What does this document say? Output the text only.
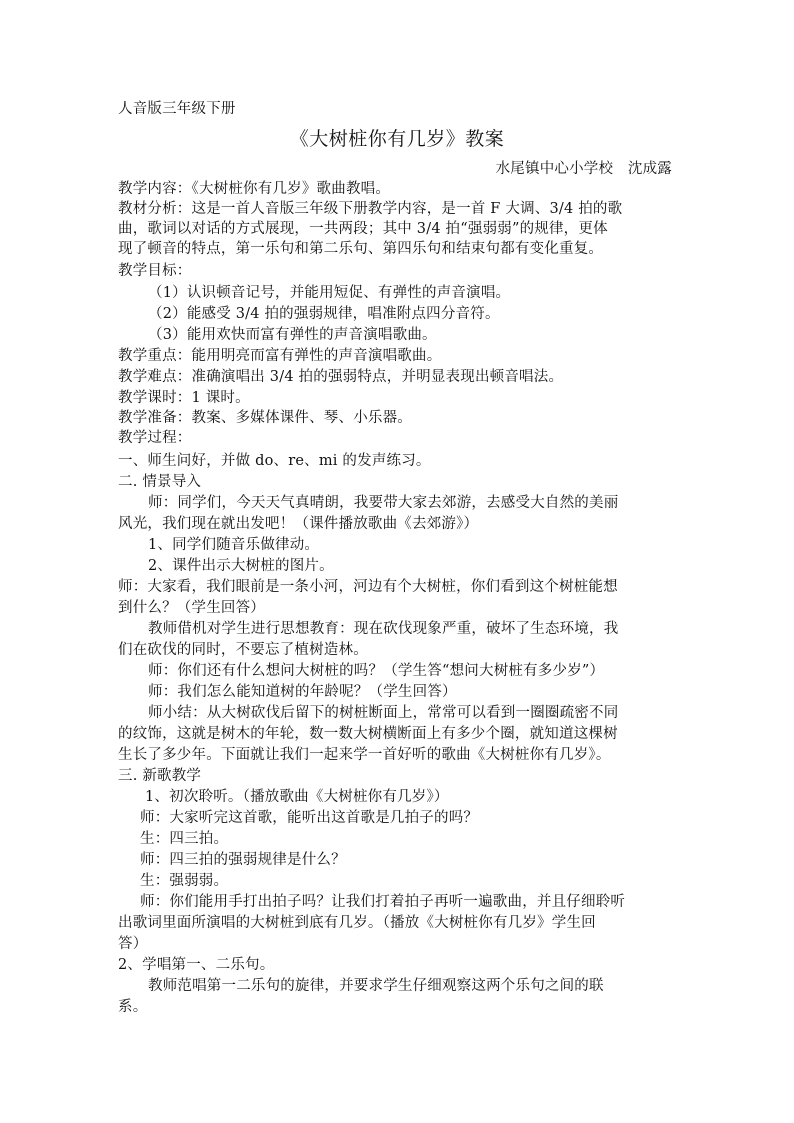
人音版三年级下册
《大树桩你有几岁》教案
水尾镇中心小学校　沈成露
教学内容：《大树桩你有几岁》歌曲教唱。
教材分析：这是一首人音版三年级下册教学内容，是一首 F 大调、3/4 拍的歌
曲，歌词以对话的方式展现，一共两段；其中 3/4 拍“强弱弱”的规律，更体
现了顿音的特点，第一乐句和第二乐句、第四乐句和结束句都有变化重复。
教学目标：
（1）认识顿音记号，并能用短促、有弹性的声音演唱。
（2）能感受 3/4 拍的强弱规律，唱准附点四分音符。
（3）能用欢快而富有弹性的声音演唱歌曲。
教学重点：能用明亮而富有弹性的声音演唱歌曲。
教学难点：准确演唱出 3/4 拍的强弱特点，并明显表现出顿音唱法。
教学课时：1 课时。
教学准备：教案、多媒体课件、琴、小乐器。
教学过程：
一、师生问好，并做 do、re、mi 的发声练习。
二. 情景导入
师：同学们，今天天气真晴朗，我要带大家去郊游，去感受大自然的美丽
风光，我们现在就出发吧！（课件播放歌曲《去郊游》）
1、同学们随音乐做律动。
2、课件出示大树桩的图片。
师：大家看，我们眼前是一条小河，河边有个大树桩，你们看到这个树桩能想
到什么？（学生回答）
教师借机对学生进行思想教育：现在砍伐现象严重，破坏了生态环境，我
们在砍伐的同时，不要忘了植树造林。
师：你们还有什么想问大树桩的吗？（学生答“想问大树桩有多少岁”）
师：我们怎么能知道树的年龄呢？（学生回答）
师小结：从大树砍伐后留下的树桩断面上，常常可以看到一圈圈疏密不同
的纹饰，这就是树木的年轮，数一数大树横断面上有多少个圈，就知道这棵树
生长了多少年。下面就让我们一起来学一首好听的歌曲《大树桩你有几岁》。
三. 新歌教学
1、初次聆听。（播放歌曲《大树桩你有几岁》）
师：大家听完这首歌，能听出这首歌是几拍子的吗？
生：四三拍。
师：四三拍的强弱规律是什么？
生：强弱弱。
师：你们能用手打出拍子吗？让我们打着拍子再听一遍歌曲，并且仔细聆听
出歌词里面所演唱的大树桩到底有几岁。（播放《大树桩你有几岁》学生回
答）
2、学唱第一、二乐句。
教师范唱第一二乐句的旋律，并要求学生仔细观察这两个乐句之间的联
系。
